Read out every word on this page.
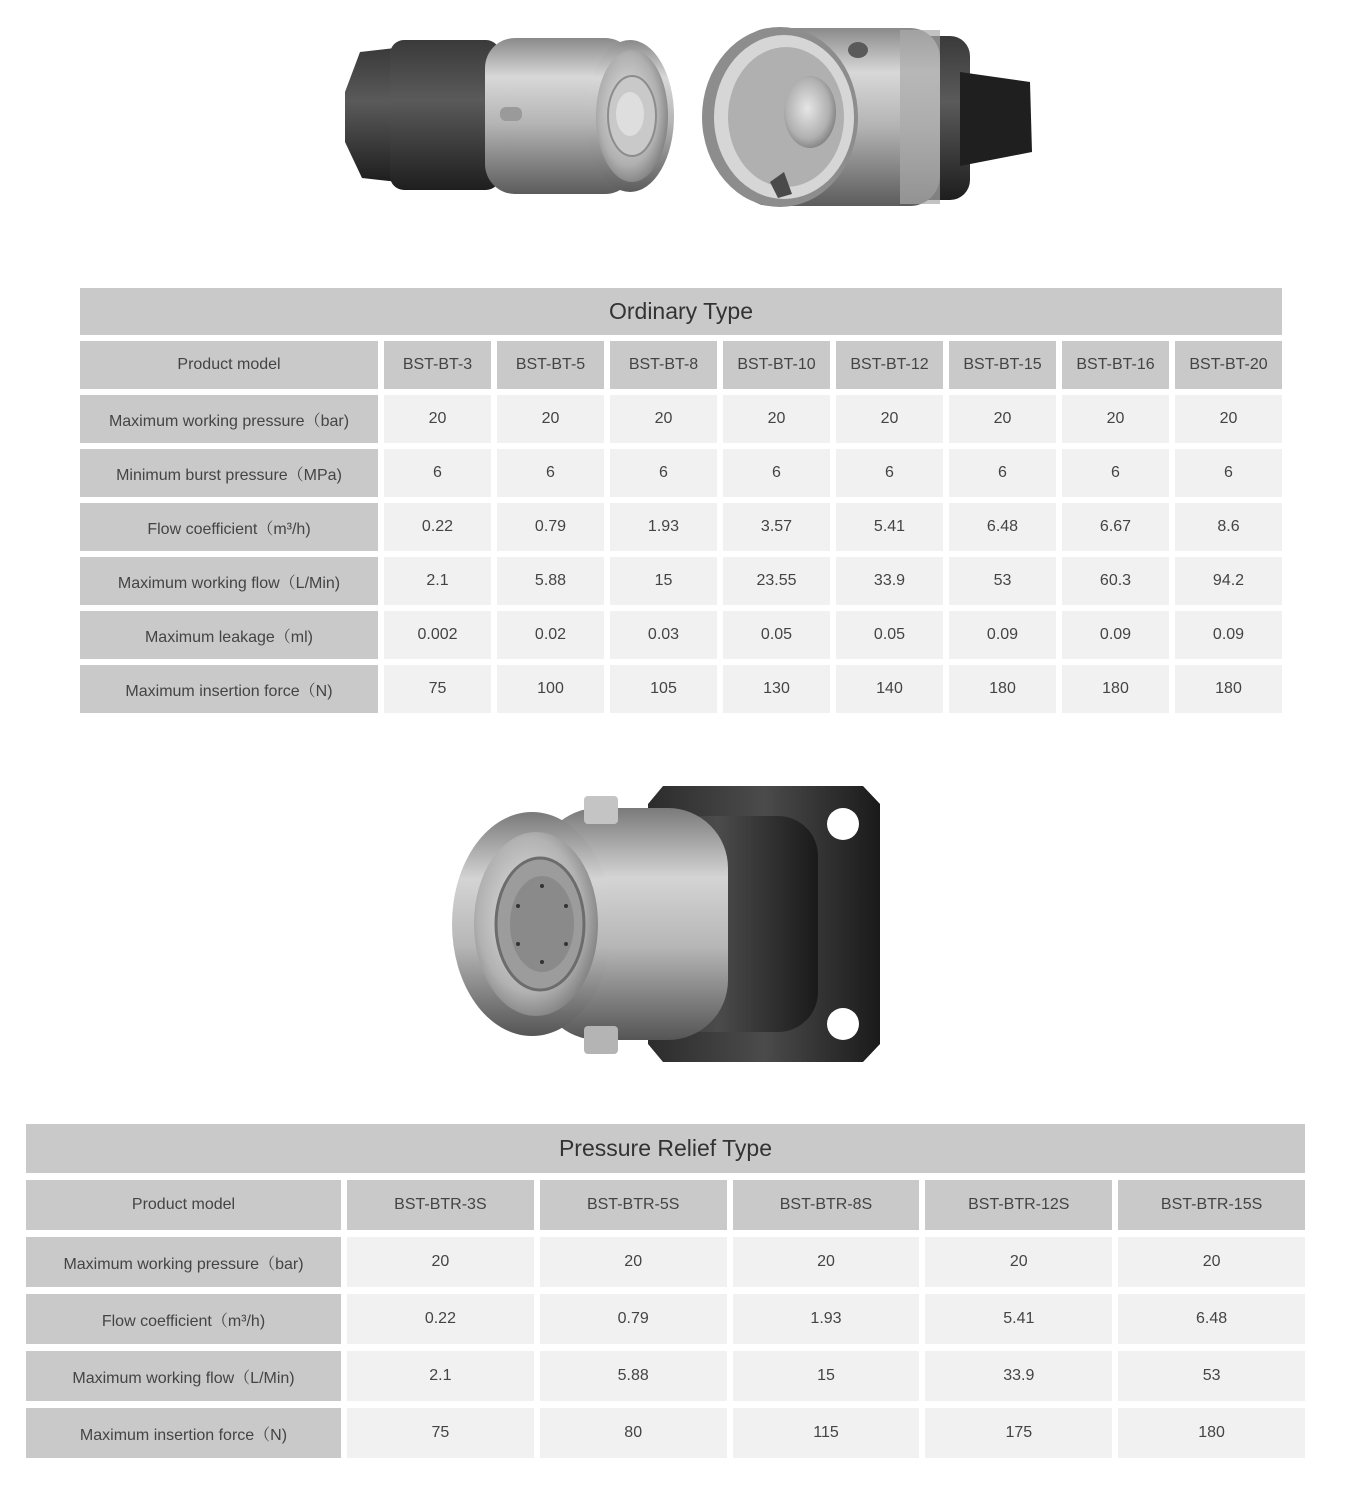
Ordinary Type								
Product model	BST-BT-3	BST-BT-5	BST-BT-8	BST-BT-10	BST-BT-12	BST-BT-15	BST-BT-16	BST-BT-20
Maximum working pressure（bar)	20	20	20	20	20	20	20	20
Minimum burst pressure（MPa)	6	6	6	6	6	6	6	6
Flow coefficient（m³/h)	0.22	0.79	1.93	3.57	5.41	6.48	6.67	8.6
Maximum working flow（L/Min)	2.1	5.88	15	23.55	33.9	53	60.3	94.2
Maximum leakage（ml)	0.002	0.02	0.03	0.05	0.05	0.09	0.09	0.09
Maximum insertion force（N)	75	100	105	130	140	180	180	180
Pressure Relief Type					
Product model	BST-BTR-3S	BST-BTR-5S	BST-BTR-8S	BST-BTR-12S	BST-BTR-15S
Maximum working pressure（bar)	20	20	20	20	20
Flow coefficient（m³/h)	0.22	0.79	1.93	5.41	6.48
Maximum working flow（L/Min)	2.1	5.88	15	33.9	53
Maximum insertion force（N)	75	80	115	175	180
